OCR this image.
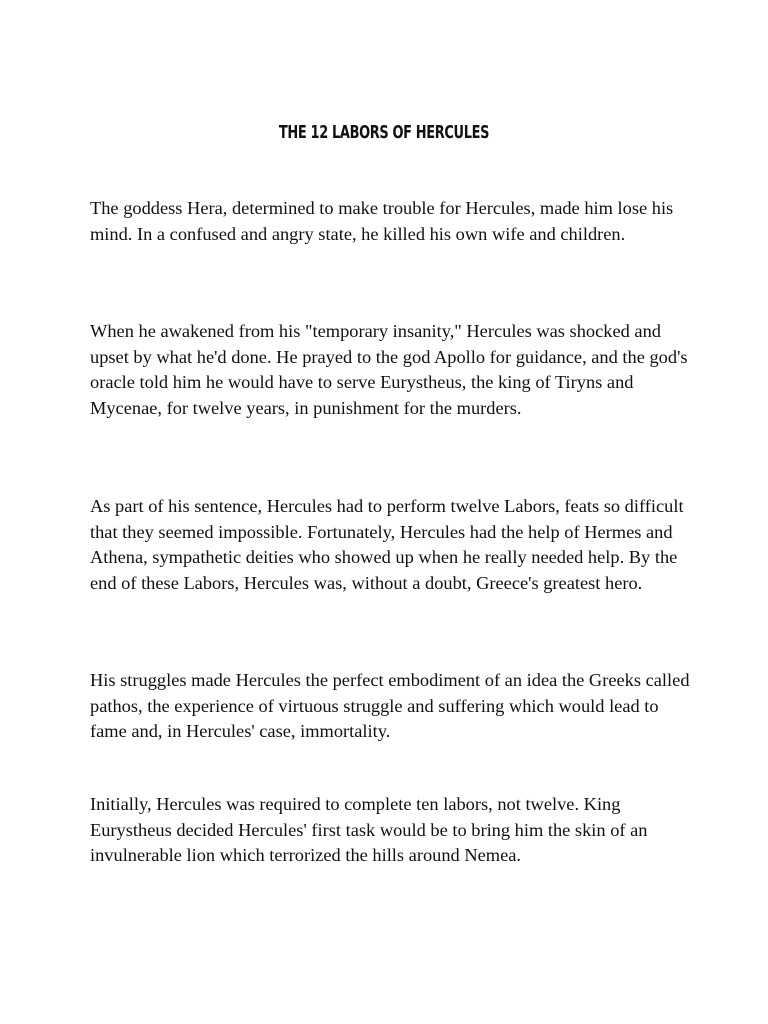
THE 12 LABORS OF HERCULES

The goddess Hera, determined to make trouble for Hercules, made him lose his mind. In a confused and angry state, he killed his own wife and children.

When he awakened from his "temporary insanity," Hercules was shocked and upset by what he'd done. He prayed to the god Apollo for guidance, and the god's oracle told him he would have to serve Eurystheus, the king of Tiryns and Mycenae, for twelve years, in punishment for the murders.

As part of his sentence, Hercules had to perform twelve Labors, feats so difficult that they seemed impossible. Fortunately, Hercules had the help of Hermes and Athena, sympathetic deities who showed up when he really needed help. By the end of these Labors, Hercules was, without a doubt, Greece's greatest hero.

His struggles made Hercules the perfect embodiment of an idea the Greeks called pathos, the experience of virtuous struggle and suffering which would lead to fame and, in Hercules' case, immortality.

Initially, Hercules was required to complete ten labors, not twelve. King Eurystheus decided Hercules' first task would be to bring him the skin of an invulnerable lion which terrorized the hills around Nemea.
